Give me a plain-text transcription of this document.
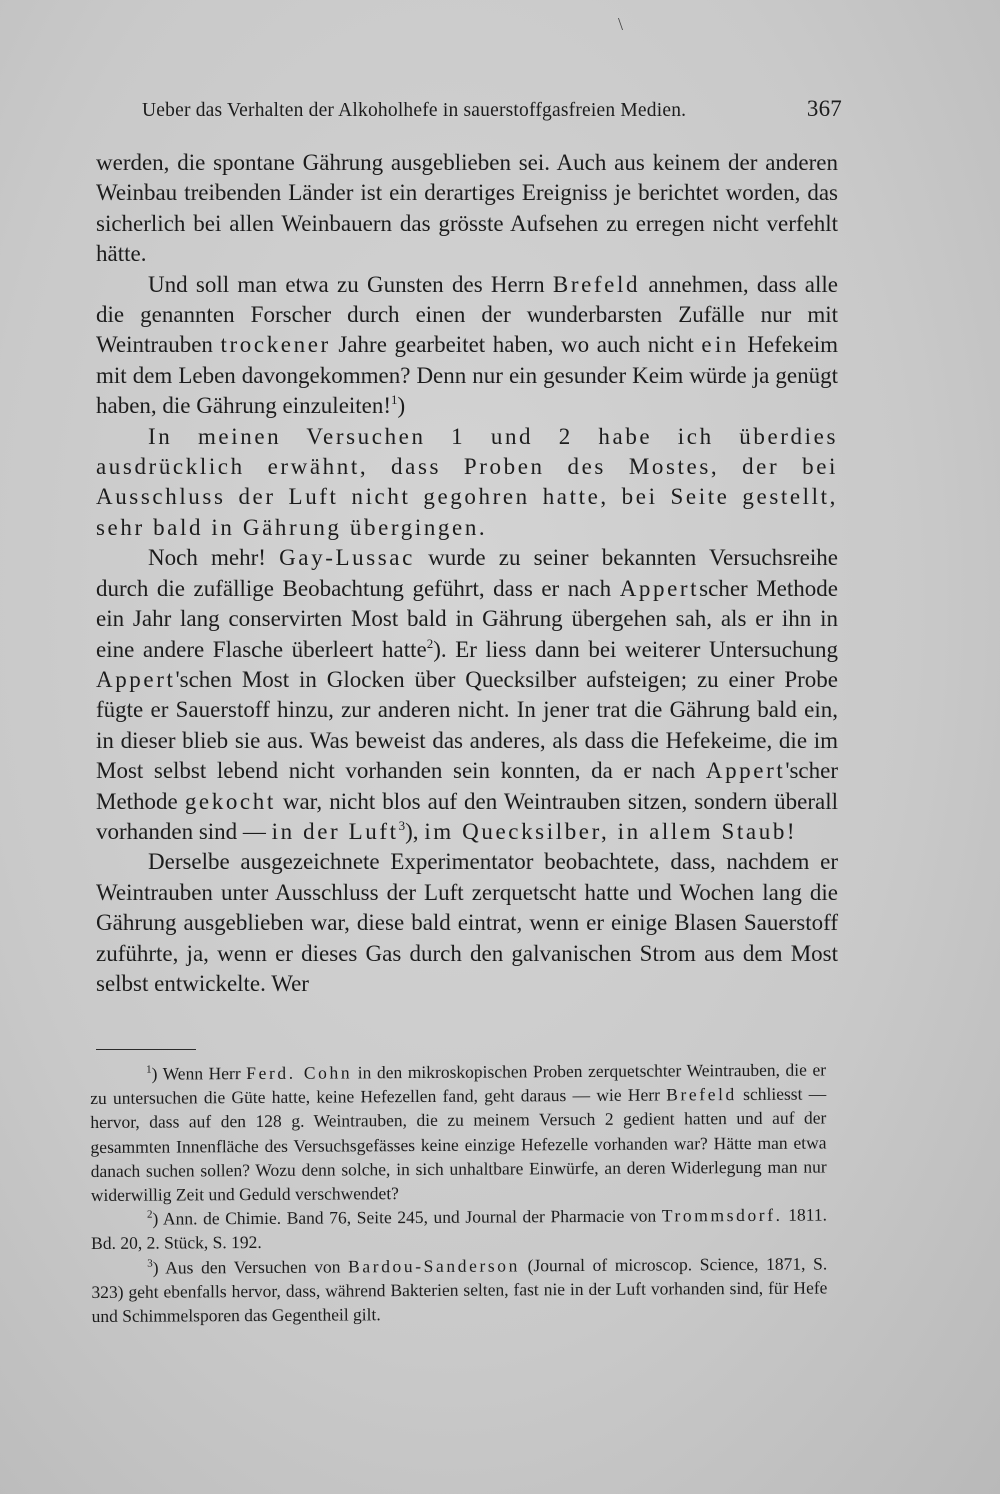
\
Ueber das Verhalten der Alkoholhefe in sauerstoffgasfreien Medien.	367

werden, die spontane Gährung ausgeblieben sei. Auch aus keinem der anderen Weinbau treibenden Länder ist ein derartiges Ereigniss je berichtet worden, das sicherlich bei allen Weinbauern das grösste Aufsehen zu erregen nicht verfehlt hätte.

Und soll man etwa zu Gunsten des Herrn Brefeld annehmen, dass alle die genannten Forscher durch einen der wunderbarsten Zufälle nur mit Weintrauben trockener Jahre gearbeitet haben, wo auch nicht ein Hefekeim mit dem Leben davongekommen? Denn nur ein gesunder Keim würde ja genügt haben, die Gährung einzuleiten!$^1$)

In meinen Versuchen 1 und 2 habe ich überdies ausdrücklich erwähnt, dass Proben des Mostes, der bei Ausschluss der Luft nicht gegohren hatte, bei Seite gestellt, sehr bald in Gährung übergingen.

Noch mehr! Gay-Lussac wurde zu seiner bekannten Versuchsreihe durch die zufällige Beobachtung geführt, dass er nach Appertscher Methode ein Jahr lang conservirten Most bald in Gährung übergehen sah, als er ihn in eine andere Flasche überleert hatte$^2$). Er liess dann bei weiterer Untersuchung Appert'schen Most in Glocken über Quecksilber aufsteigen; zu einer Probe fügte er Sauerstoff hinzu, zur anderen nicht. In jener trat die Gährung bald ein, in dieser blieb sie aus. Was beweist das anderes, als dass die Hefekeime, die im Most selbst lebend nicht vorhanden sein konnten, da er nach Appert'scher Methode gekocht war, nicht blos auf den Weintrauben sitzen, sondern überall vorhanden sind — in der Luft$^3$), im Quecksilber, in allem Staub!

Derselbe ausgezeichnete Experimentator beobachtete, dass, nachdem er Weintrauben unter Ausschluss der Luft zerquetscht hatte und Wochen lang die Gährung ausgeblieben war, diese bald eintrat, wenn er einige Blasen Sauerstoff zuführte, ja, wenn er dieses Gas durch den galvanischen Strom aus dem Most selbst entwickelte. Wer

$^1$) Wenn Herr Ferd. Cohn in den mikroskopischen Proben zerquetschter Weintrauben, die er zu untersuchen die Güte hatte, keine Hefezellen fand, geht daraus — wie Herr Brefeld schliesst — hervor, dass auf den 128 g. Weintrauben, die zu meinem Versuch 2 gedient hatten und auf der gesammten Innenfläche des Versuchsgefässes keine einzige Hefezelle vorhanden war? Hätte man etwa danach suchen sollen? Wozu denn solche, in sich unhaltbare Einwürfe, an deren Widerlegung man nur widerwillig Zeit und Geduld verschwendet?

$^2$) Ann. de Chimie. Band 76, Seite 245, und Journal der Pharmacie von Trommsdorf. 1811. Bd. 20, 2. Stück, S. 192.

$^3$) Aus den Versuchen von Bardou-Sanderson (Journal of microscop. Science, 1871, S. 323) geht ebenfalls hervor, dass, während Bakterien selten, fast nie in der Luft vorhanden sind, für Hefe und Schimmelsporen das Gegentheil gilt.
